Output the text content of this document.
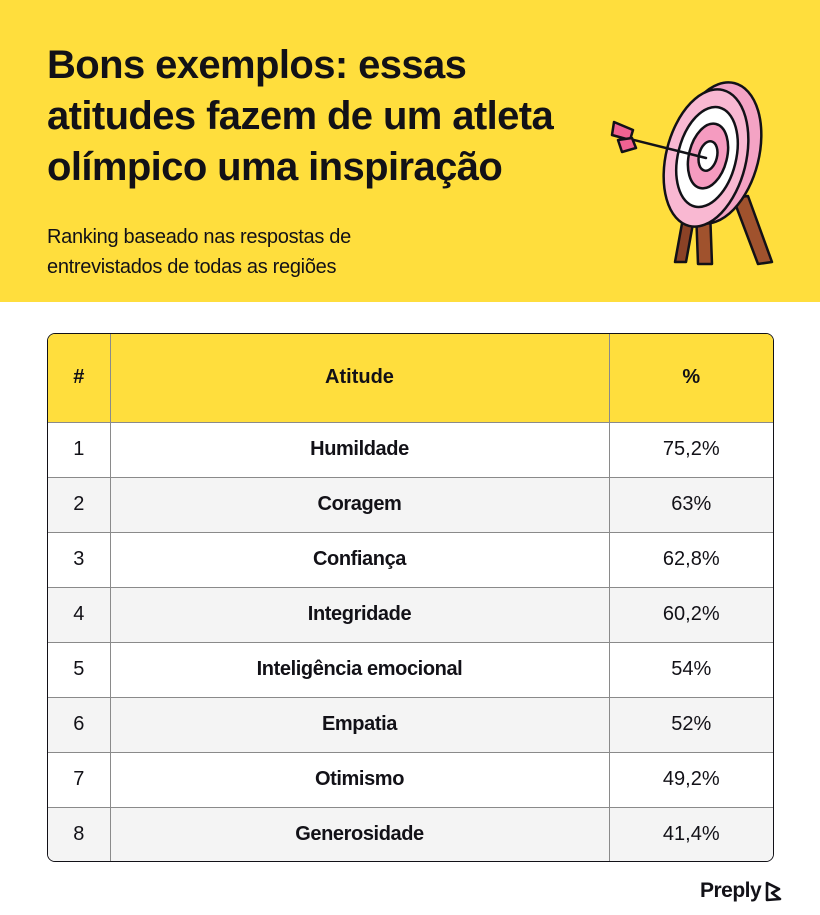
Bons exemplos: essas atitudes fazem de um atleta olímpico uma inspiração

Ranking baseado nas respostas de entrevistados de todas as regiões

#	Atitude	%
1	Humildade	75,2%
2	Coragem	63%
3	Confiança	62,8%
4	Integridade	60,2%
5	Inteligência emocional	54%
6	Empatia	52%
7	Otimismo	49,2%
8	Generosidade	41,4%
Preply
